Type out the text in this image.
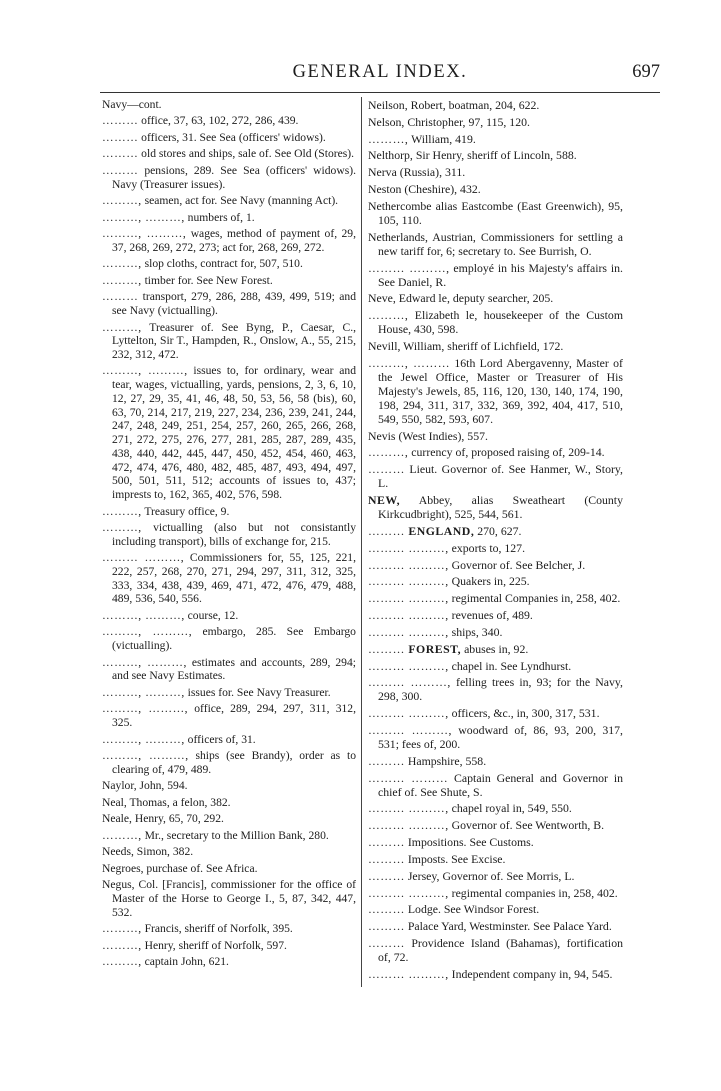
GENERAL INDEX.	697
Navy—cont.
……… office, 37, 63, 102, 272, 286, 439.
……… officers, 31. See Sea (officers' widows).
……… old stores and ships, sale of. See Old (Stores).
……… pensions, 289. See Sea (officers' widows). Navy (Treasurer issues).
………, seamen, act for. See Navy (manning Act).
………, ………, numbers of, 1.
………, ………, wages, method of payment of, 29, 37, 268, 269, 272, 273; act for, 268, 269, 272.
………, slop cloths, contract for, 507, 510.
………, timber for. See New Forest.
……… transport, 279, 286, 288, 439, 499, 519; and see Navy (victualling).
………, Treasurer of. See Byng, P., Caesar, C., Lyttelton, Sir T., Hampden, R., Onslow, A., 55, 215, 232, 312, 472.
………, ………, issues to, for ordinary, wear and tear, wages, victualling, yards, pensions, 2, 3, 6, 10, 12, 27, 29, 35, 41, 46, 48, 50, 53, 56, 58 (bis), 60, 63, 70, 214, 217, 219, 227, 234, 236, 239, 241, 244, 247, 248, 249, 251, 254, 257, 260, 265, 266, 268, 271, 272, 275, 276, 277, 281, 285, 287, 289, 435, 438, 440, 442, 445, 447, 450, 452, 454, 460, 463, 472, 474, 476, 480, 482, 485, 487, 493, 494, 497, 500, 501, 511, 512; accounts of issues to, 437; imprests to, 162, 365, 402, 576, 598.
………, Treasury office, 9.
………, victualling (also but not consistantly including transport), bills of exchange for, 215.
……… ………, Commissioners for, 55, 125, 221, 222, 257, 268, 270, 271, 294, 297, 311, 312, 325, 333, 334, 438, 439, 469, 471, 472, 476, 479, 488, 489, 536, 540, 556.
………, ………, course, 12.
………, ………, embargo, 285. See Embargo (victualling).
………, ………, estimates and accounts, 289, 294; and see Navy Estimates.
………, ………, issues for. See Navy Treasurer.
………, ………, office, 289, 294, 297, 311, 312, 325.
………, ………, officers of, 31.
………, ………, ships (see Brandy), order as to clearing of, 479, 489.
Naylor, John, 594.
Neal, Thomas, a felon, 382.
Neale, Henry, 65, 70, 292.
………, Mr., secretary to the Million Bank, 280.
Needs, Simon, 382.
Negroes, purchase of. See Africa.
Negus, Col. [Francis], commissioner for the office of Master of the Horse to George I., 5, 87, 342, 447, 532.
………, Francis, sheriff of Norfolk, 395.
………, Henry, sheriff of Norfolk, 597.
………, captain John, 621.
Neilson, Robert, boatman, 204, 622.
Nelson, Christopher, 97, 115, 120.
………, William, 419.
Nelthorp, Sir Henry, sheriff of Lincoln, 588.
Nerva (Russia), 311.
Neston (Cheshire), 432.
Nethercombe alias Eastcombe (East Greenwich), 95, 105, 110.
Netherlands, Austrian, Commissioners for settling a new tariff for, 6; secretary to. See Burrish, O.
……… ………, employé in his Majesty's affairs in. See Daniel, R.
Neve, Edward le, deputy searcher, 205.
………, Elizabeth le, housekeeper of the Custom House, 430, 598.
Nevill, William, sheriff of Lichfield, 172.
………, ……… 16th Lord Abergavenny, Master of the Jewel Office, Master or Treasurer of His Majesty's Jewels, 85, 116, 120, 130, 140, 174, 190, 198, 294, 311, 317, 332, 369, 392, 404, 417, 510, 549, 550, 582, 593, 607.
Nevis (West Indies), 557.
………, currency of, proposed raising of, 209-14.
……… Lieut. Governor of. See Hanmer, W., Story, L.
NEW, Abbey, alias Sweatheart (County Kirkcudbright), 525, 544, 561.
……… ENGLAND, 270, 627.
……… ………, exports to, 127.
……… ………, Governor of. See Belcher, J.
……… ………, Quakers in, 225.
……… ………, regimental Companies in, 258, 402.
……… ………, revenues of, 489.
……… ………, ships, 340.
……… FOREST, abuses in, 92.
……… ………, chapel in. See Lyndhurst.
……… ………, felling trees in, 93; for the Navy, 298, 300.
……… ………, officers, &c., in, 300, 317, 531.
……… ………, woodward of, 86, 93, 200, 317, 531; fees of, 200.
……… Hampshire, 558.
……… ……… Captain General and Governor in chief of. See Shute, S.
……… ………, chapel royal in, 549, 550.
……… ………, Governor of. See Wentworth, B.
……… Impositions. See Customs.
……… Imposts. See Excise.
……… Jersey, Governor of. See Morris, L.
……… ………, regimental companies in, 258, 402.
……… Lodge. See Windsor Forest.
……… Palace Yard, Westminster. See Palace Yard.
……… Providence Island (Bahamas), fortification of, 72.
……… ………, Independent company in, 94, 545.
